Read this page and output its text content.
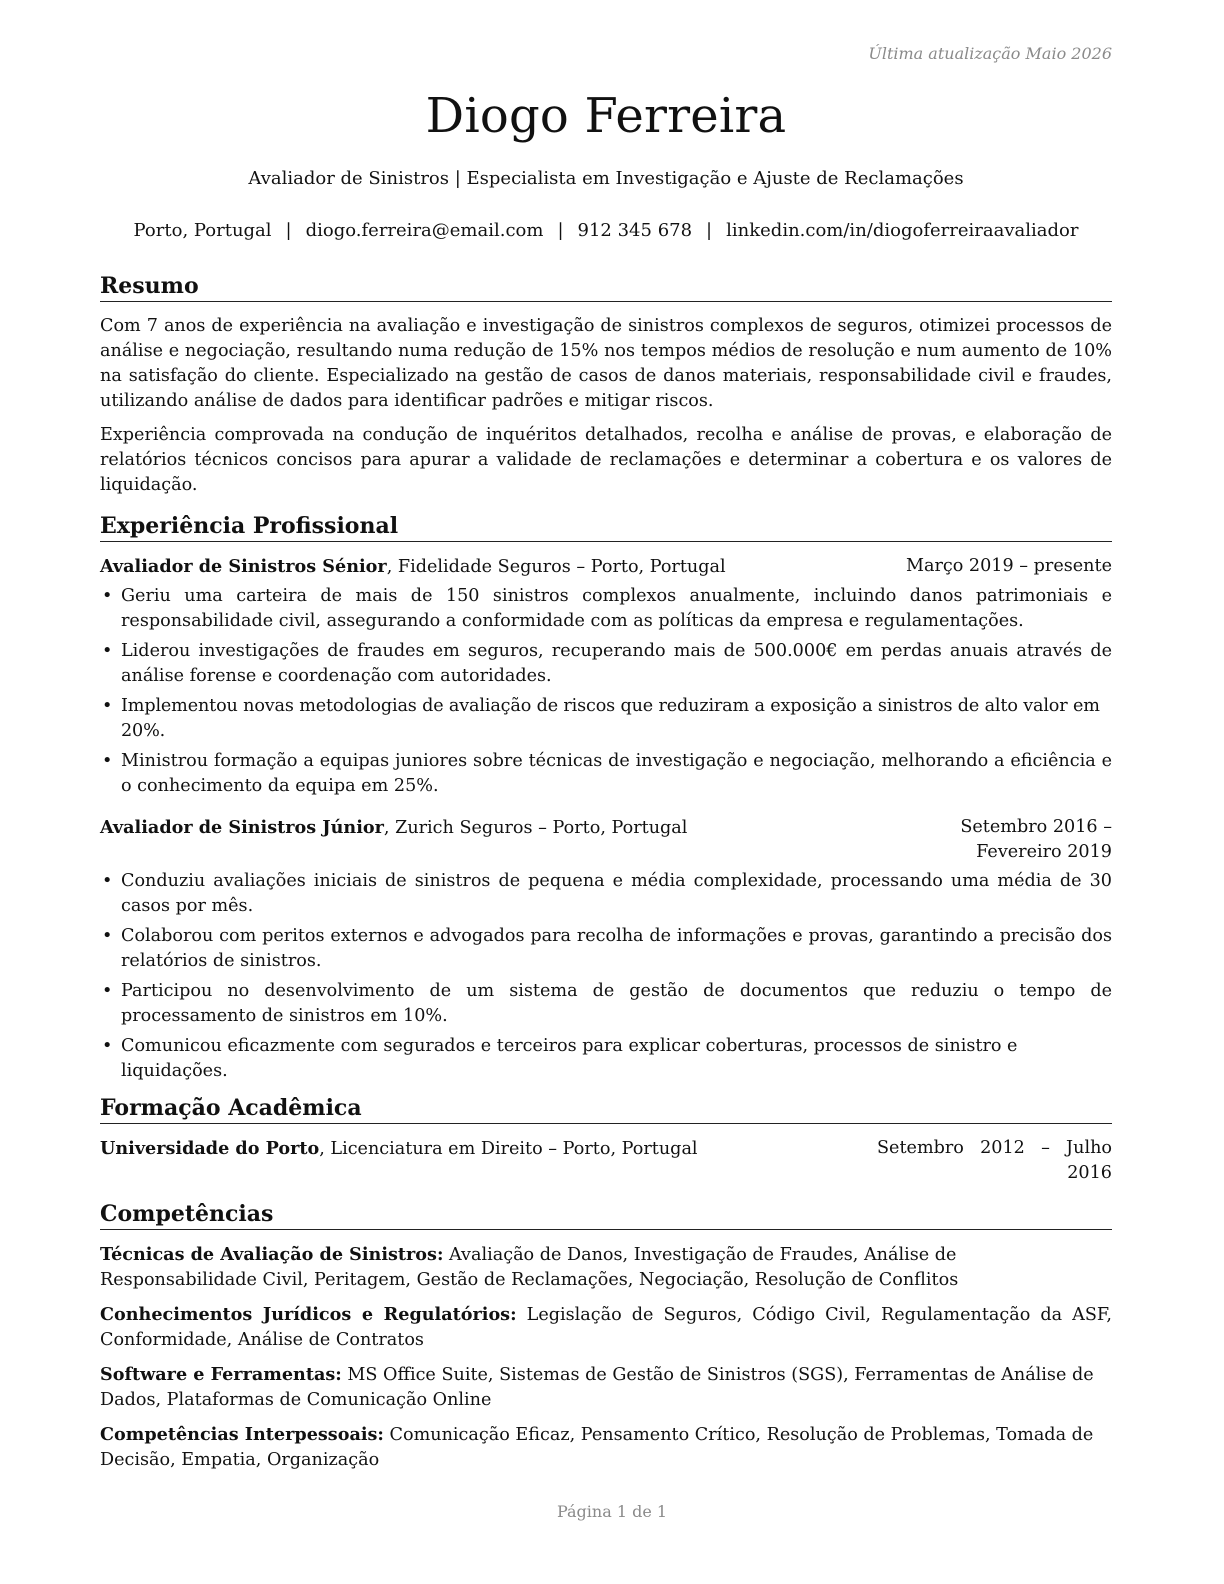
Última atualização Maio 2026
Diogo Ferreira
Avaliador de Sinistros | Especialista em Investigação e Ajuste de Reclamações
Porto, Portugal | diogo.ferreira@email.com | 912 345 678 | linkedin.com/in/diogoferreiraavaliador
Resumo

Com 7 anos de experiência na avaliação e investigação de sinistros complexos de seguros, otimizei processos de análise e negociação, resultando numa redução de 15% nos tempos médios de resolução e num aumento de 10% na satisfação do cliente. Especializado na gestão de casos de danos materiais, responsabilidade civil e fraudes, utilizando análise de dados para identificar padrões e mitigar riscos.

Experiência comprovada na condução de inquéritos detalhados, recolha e análise de provas, e elaboração de relatórios técnicos concisos para apurar a validade de reclamações e determinar a cobertura e os valores de liquidação.

Experiência Profissional
Avaliador de Sinistros Sénior, Fidelidade Seguros – Porto, Portugal	Março 2019 – presente
• Geriu uma carteira de mais de 150 sinistros complexos anualmente, incluindo danos patrimoniais e responsabilidade civil, assegurando a conformidade com as políticas da empresa e regulamentações.
• Liderou investigações de fraudes em seguros, recuperando mais de 500.000€ em perdas anuais através de análise forense e coordenação com autoridades.
• Implementou novas metodologias de avaliação de riscos que reduziram a exposição a sinistros de alto valor em 20%.
• Ministrou formação a equipas juniores sobre técnicas de investigação e negociação, melhorando a eficiência e o conhecimento da equipa em 25%.
Avaliador de Sinistros Júnior, Zurich Seguros – Porto, Portugal	Setembro 2016 – Fevereiro 2019
• Conduziu avaliações iniciais de sinistros de pequena e média complexidade, processando uma média de 30 casos por mês.
• Colaborou com peritos externos e advogados para recolha de informações e provas, garantindo a precisão dos relatórios de sinistros.
• Participou no desenvolvimento de um sistema de gestão de documentos que reduziu o tempo de processamento de sinistros em 10%.
• Comunicou eficazmente com segurados e terceiros para explicar coberturas, processos de sinistro e liquidações.
Formação Acadêmica
Universidade do Porto, Licenciatura em Direito – Porto, Portugal	Setembro 2012 – Julho 2016
Competências

Técnicas de Avaliação de Sinistros: Avaliação de Danos, Investigação de Fraudes, Análise de Responsabilidade Civil, Peritagem, Gestão de Reclamações, Negociação, Resolução de Conflitos

Conhecimentos Jurídicos e Regulatórios: Legislação de Seguros, Código Civil, Regulamentação da ASF, Conformidade, Análise de Contratos

Software e Ferramentas: MS Office Suite, Sistemas de Gestão de Sinistros (SGS), Ferramentas de Análise de Dados, Plataformas de Comunicação Online

Competências Interpessoais: Comunicação Eficaz, Pensamento Crítico, Resolução de Problemas, Tomada de Decisão, Empatia, Organização

Página 1 de 1
